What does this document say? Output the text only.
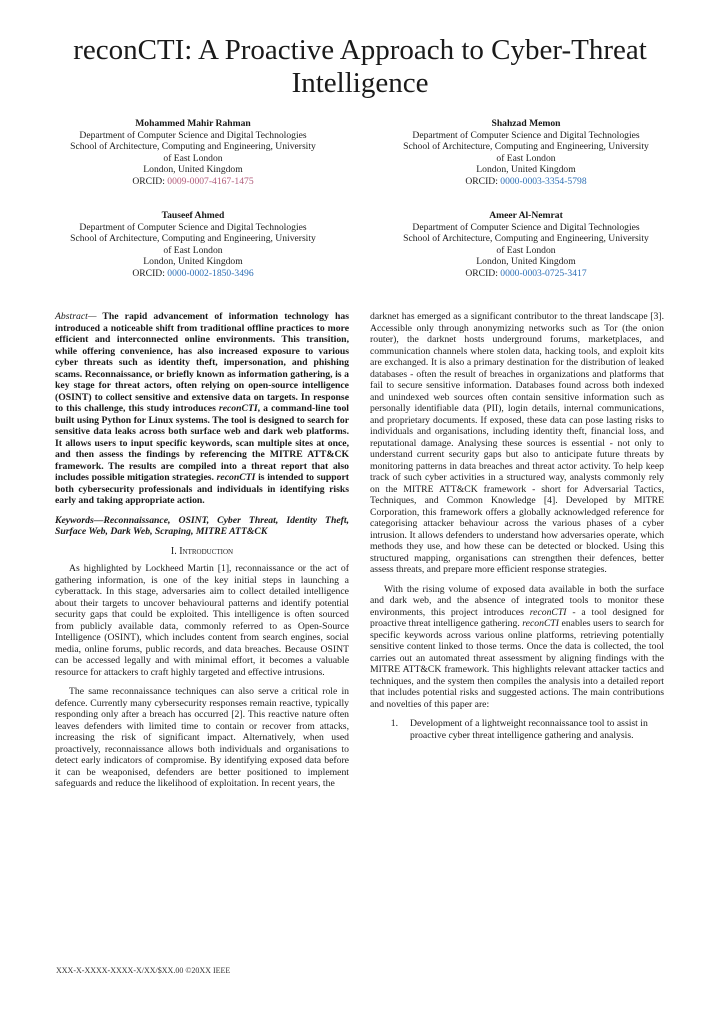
reconCTI: A Proactive Approach to Cyber-Threat Intelligence
Mohammed Mahir Rahman
Department of Computer Science and Digital Technologies
School of Architecture, Computing and Engineering, University
of East London
London, United Kingdom
ORCID: 0009-0007-4167-1475
Shahzad Memon
Department of Computer Science and Digital Technologies
School of Architecture, Computing and Engineering, University
of East London
London, United Kingdom
ORCID: 0000-0003-3354-5798
Tauseef Ahmed
Department of Computer Science and Digital Technologies
School of Architecture, Computing and Engineering, University
of East London
London, United Kingdom
ORCID: 0000-0002-1850-3496
Ameer Al-Nemrat
Department of Computer Science and Digital Technologies
School of Architecture, Computing and Engineering, University
of East London
London, United Kingdom
ORCID: 0000-0003-0725-3417

Abstract— The rapid advancement of information technology has introduced a noticeable shift from traditional offline practices to more efficient and interconnected online environments. This transition, while offering convenience, has also increased exposure to various cyber threats such as identity theft, impersonation, and phishing scams. Reconnaissance, or briefly known as information gathering, is a key stage for threat actors, often relying on open-source intelligence (OSINT) to collect sensitive and extensive data on targets. In response to this challenge, this study introduces reconCTI, a command-line tool built using Python for Linux systems. The tool is designed to search for sensitive data leaks across both surface web and dark web platforms. It allows users to input specific keywords, scan multiple sites at once, and then assess the findings by referencing the MITRE ATT&CK framework. The results are compiled into a threat report that also includes possible mitigation strategies. reconCTI is intended to support both cybersecurity professionals and individuals in identifying risks early and taking appropriate action.

Keywords—Reconnaissance, OSINT, Cyber Threat, Identity Theft, Surface Web, Dark Web, Scraping, MITRE ATT&CK

I. Introduction

As highlighted by Lockheed Martin [1], reconnaissance or the act of gathering information, is one of the key initial steps in launching a cyberattack. In this stage, adversaries aim to collect detailed intelligence about their targets to uncover behavioural patterns and identify potential security gaps that could be exploited. This intelligence is often sourced from publicly available data, commonly referred to as Open-Source Intelligence (OSINT), which includes content from search engines, social media, online forums, public records, and data breaches. Because OSINT can be accessed legally and with minimal effort, it becomes a valuable resource for attackers to craft highly targeted and effective intrusions.

The same reconnaissance techniques can also serve a critical role in defence. Currently many cybersecurity responses remain reactive, typically responding only after a breach has occurred [2]. This reactive nature often leaves defenders with limited time to contain or recover from attacks, increasing the risk of significant impact. Alternatively, when used proactively, reconnaissance allows both individuals and organisations to detect early indicators of compromise. By identifying exposed data before it can be weaponised, defenders are better positioned to implement safeguards and reduce the likelihood of exploitation. In recent years, the

darknet has emerged as a significant contributor to the threat landscape [3]. Accessible only through anonymizing networks such as Tor (the onion router), the darknet hosts underground forums, marketplaces, and communication channels where stolen data, hacking tools, and exploit kits are exchanged. It is also a primary destination for the distribution of leaked databases - often the result of breaches in organizations and platforms that fail to secure sensitive information. Databases found across both indexed and unindexed web sources often contain sensitive information such as personally identifiable data (PII), login details, internal communications, and proprietary documents. If exposed, these data can pose lasting risks to individuals and organisations, including identity theft, financial loss, and reputational damage. Analysing these sources is essential - not only to understand current security gaps but also to anticipate future threats by monitoring patterns in data breaches and threat actor activity. To help keep track of such cyber activities in a structured way, analysts commonly rely on the MITRE ATT&CK framework - short for Adversarial Tactics, Techniques, and Common Knowledge [4]. Developed by MITRE Corporation, this framework offers a globally acknowledged reference for categorising attacker behaviour across the various phases of a cyber intrusion. It allows defenders to understand how adversaries operate, which methods they use, and how these can be detected or blocked. Using this structured mapping, organisations can strengthen their defences, better assess threats, and prepare more efficient response strategies.

With the rising volume of exposed data available in both the surface and dark web, and the absence of integrated tools to monitor these environments, this project introduces reconCTI - a tool designed for proactive threat intelligence gathering. reconCTI enables users to search for specific keywords across various online platforms, retrieving potentially sensitive content linked to those terms. Once the data is collected, the tool carries out an automated threat assessment by aligning findings with the MITRE ATT&CK framework. This highlights relevant attacker tactics and techniques, and the system then compiles the analysis into a detailed report that includes potential risks and suggested actions. The main contributions and novelties of this paper are:

1.	Development of a lightweight reconnaissance tool to assist in proactive cyber threat intelligence gathering and analysis.
XXX-X-XXXX-XXXX-X/XX/$XX.00 ©20XX IEEE
